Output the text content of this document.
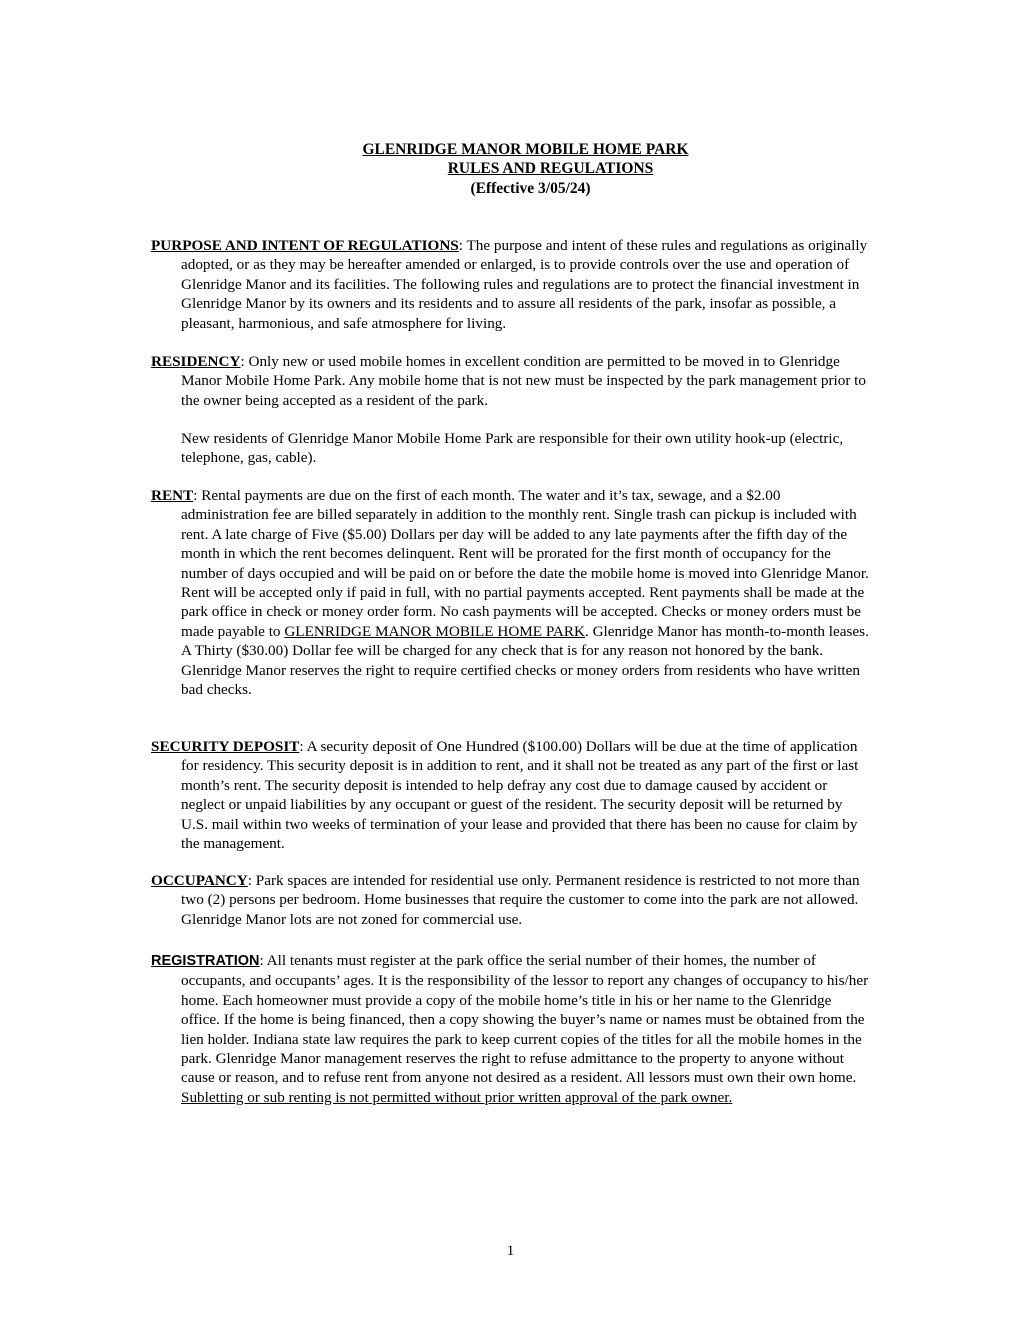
GLENRIDGE MANOR MOBILE HOME PARK
RULES AND REGULATIONS
(Effective 3/05/24)

PURPOSE AND INTENT OF REGULATIONS: The purpose and intent of these rules and regulations as originally adopted, or as they may be hereafter amended or enlarged, is to provide controls over the use and operation of Glenridge Manor and its facilities. The following rules and regulations are to protect the financial investment in Glenridge Manor by its owners and its residents and to assure all residents of the park, insofar as possible, a pleasant, harmonious, and safe atmosphere for living.

RESIDENCY: Only new or used mobile homes in excellent condition are permitted to be moved in to Glenridge Manor Mobile Home Park. Any mobile home that is not new must be inspected by the park management prior to the owner being accepted as a resident of the park.

New residents of Glenridge Manor Mobile Home Park are responsible for their own utility hook-up (electric, telephone, gas, cable).

RENT: Rental payments are due on the first of each month. The water and it’s tax, sewage, and a $2.00 administration fee are billed separately in addition to the monthly rent. Single trash can pickup is included with rent. A late charge of Five ($5.00) Dollars per day will be added to any late payments after the fifth day of the month in which the rent becomes delinquent. Rent will be prorated for the first month of occupancy for the number of days occupied and will be paid on or before the date the mobile home is moved into Glenridge Manor. Rent will be accepted only if paid in full, with no partial payments accepted. Rent payments shall be made at the park office in check or money order form. No cash payments will be accepted. Checks or money orders must be made payable to GLENRIDGE MANOR MOBILE HOME PARK. Glenridge Manor has month-to-month leases. A Thirty ($30.00) Dollar fee will be charged for any check that is for any reason not honored by the bank. Glenridge Manor reserves the right to require certified checks or money orders from residents who have written bad checks.

SECURITY DEPOSIT: A security deposit of One Hundred ($100.00) Dollars will be due at the time of application for residency. This security deposit is in addition to rent, and it shall not be treated as any part of the first or last month’s rent. The security deposit is intended to help defray any cost due to damage caused by accident or neglect or unpaid liabilities by any occupant or guest of the resident. The security deposit will be returned by U.S. mail within two weeks of termination of your lease and provided that there has been no cause for claim by the management.

OCCUPANCY: Park spaces are intended for residential use only. Permanent residence is restricted to not more than two (2) persons per bedroom. Home businesses that require the customer to come into the park are not allowed. Glenridge Manor lots are not zoned for commercial use.

REGISTRATION: All tenants must register at the park office the serial number of their homes, the number of occupants, and occupants’ ages. It is the responsibility of the lessor to report any changes of occupancy to his/her home. Each homeowner must provide a copy of the mobile home’s title in his or her name to the Glenridge office. If the home is being financed, then a copy showing the buyer’s name or names must be obtained from the lien holder. Indiana state law requires the park to keep current copies of the titles for all the mobile homes in the park. Glenridge Manor management reserves the right to refuse admittance to the property to anyone without cause or reason, and to refuse rent from anyone not desired as a resident. All lessors must own their own home. Subletting or sub renting is not permitted without prior written approval of the park owner.

1
